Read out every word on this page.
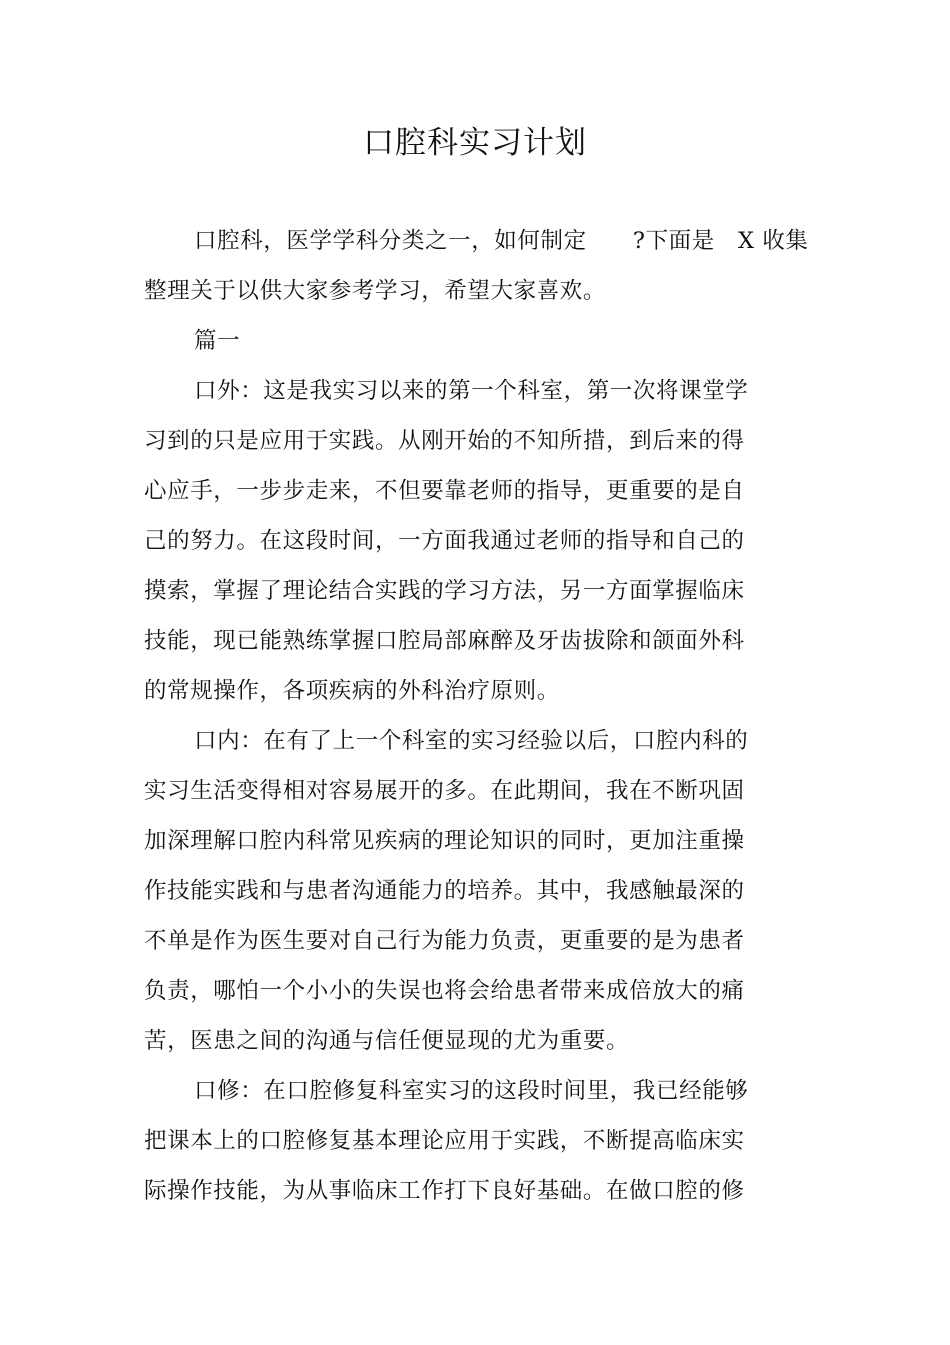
口腔科实习计划
口腔科，医学学科分类之一，如何制定　　?下面是　X 收集
整理关于以供大家参考学习，希望大家喜欢。
篇一
口外：这是我实习以来的第一个科室，第一次将课堂学
习到的只是应用于实践。从刚开始的不知所措，到后来的得
心应手，一步步走来，不但要靠老师的指导，更重要的是自
己的努力。在这段时间，一方面我通过老师的指导和自己的
摸索，掌握了理论结合实践的学习方法，另一方面掌握临床
技能，现已能熟练掌握口腔局部麻醉及牙齿拔除和颌面外科
的常规操作，各项疾病的外科治疗原则。
口内：在有了上一个科室的实习经验以后，口腔内科的
实习生活变得相对容易展开的多。在此期间，我在不断巩固
加深理解口腔内科常见疾病的理论知识的同时，更加注重操
作技能实践和与患者沟通能力的培养。其中，我感触最深的
不单是作为医生要对自己行为能力负责，更重要的是为患者
负责，哪怕一个小小的失误也将会给患者带来成倍放大的痛
苦，医患之间的沟通与信任便显现的尤为重要。
口修：在口腔修复科室实习的这段时间里，我已经能够
把课本上的口腔修复基本理论应用于实践，不断提高临床实
际操作技能，为从事临床工作打下良好基础。在做口腔的修
